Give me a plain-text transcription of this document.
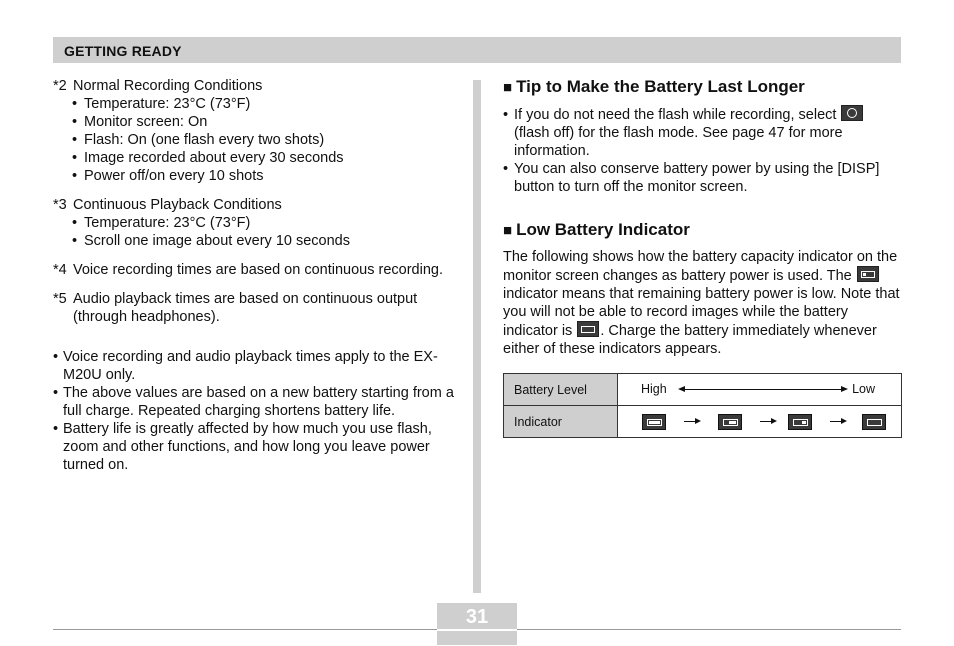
GETTING READY
*2 Normal Recording Conditions
• Temperature: 23°C (73°F)
• Monitor screen: On
• Flash: On (one flash every two shots)
• Image recorded about every 30 seconds
• Power off/on every 10 shots
*3 Continuous Playback Conditions
• Temperature: 23°C (73°F)
• Scroll one image about every 10 seconds
*4 Voice recording times are based on continuous recording.
*5 Audio playback times are based on continuous output (through headphones).
• Voice recording and audio playback times apply to the EX-M20U only.
• The above values are based on a new battery starting from a full charge. Repeated charging shortens battery life.
• Battery life is greatly affected by how much you use flash, zoom and other functions, and how long you leave power turned on.
■ Tip to Make the Battery Last Longer
• If you do not need the flash while recording, select  (flash off) for the flash mode. See page 47 for more information.
• You can also conserve battery power by using the [DISP] button to turn off the monitor screen.
■ Low Battery Indicator

The following shows how the battery capacity indicator on the monitor screen changes as battery power is used. The  indicator means that remaining battery power is low. Note that you will not be able to record images while the battery indicator is . Charge the battery immediately whenever either of these indicators appears.

Battery Level	High Low

Indicator	
31
